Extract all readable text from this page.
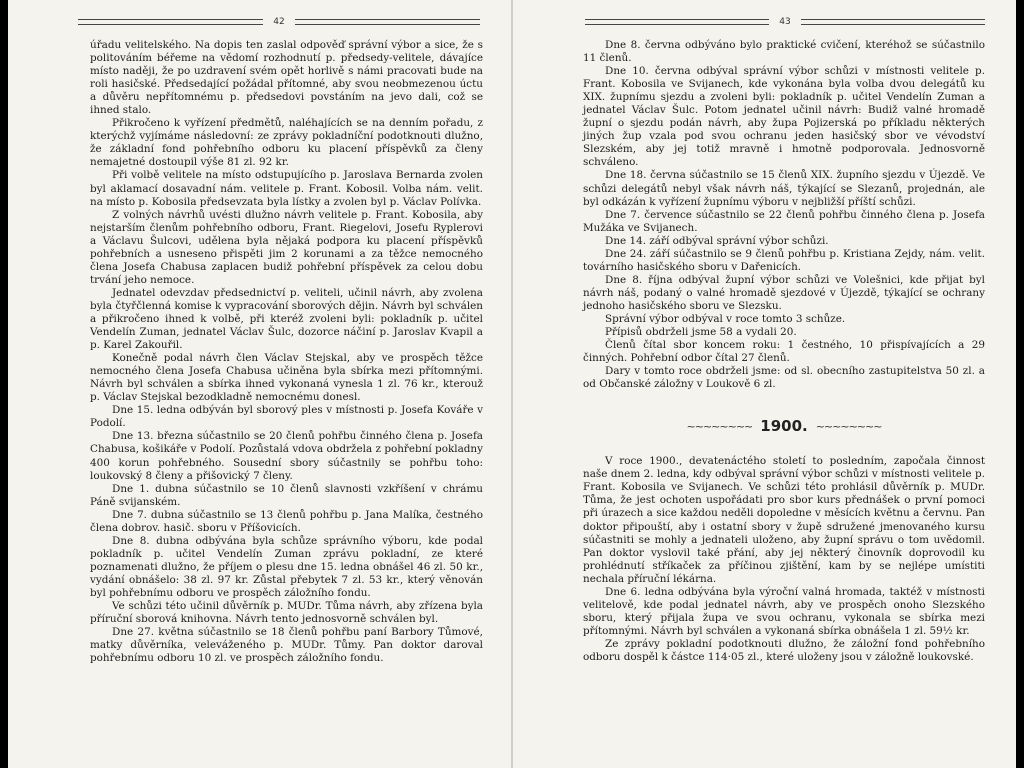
42

úřadu velitelského. Na dopis ten zaslal odpověď správní výbor a sice, že s politováním béřeme na vědomí rozhodnutí p. předsedy-velitele, dávajíce místo naději, že po uzdravení svém opět horlivě s námi pracovati bude na roli hasičské. Předsedající požádal přítomné, aby svou neobmezenou úctu a důvěru nepřítomnému p. předsedovi povstáním na jevo dali, což se ihned stalo.

Přikročeno k vyřízení předmětů, naléhajících se na denním pořadu, z kterýchž vyjímáme následovní: ze zprávy pokladníční podotknouti dlužno, že základní fond pohřebního odboru ku placení příspěvků za členy nemajetné dostoupil výše 81 zl. 92 kr.

Při volbě velitele na místo odstupujícího p. Jaroslava Bernarda zvolen byl aklamací dosavadní nám. velitele p. Frant. Kobosil. Volba nám. velit. na místo p. Kobosila předsevzata byla lístky a zvolen byl p. Václav Polívka.

Z volných návrhů uvésti dlužno návrh velitele p. Frant. Kobosila, aby nejstarším členům pohřebního odboru, Frant. Riegelovi, Josefu Ryplerovi a Václavu Šulcovi, udělena byla nějaká podpora ku placení příspěvků pohřebních a usneseno přispěti jim 2 korunami a za těžce nemocného člena Josefa Chabusa zaplacen budiž pohřební příspěvek za celou dobu trvání jeho nemoce.

Jednatel odevzdav předsednictví p. veliteli, učinil návrh, aby zvolena byla čtyřčlenná komise k vypracování sborových dějin. Návrh byl schválen a přikročeno ihned k volbě, při kteréž zvoleni byli: pokladník p. učitel Vendelín Zuman, jednatel Václav Šulc, dozorce náčiní p. Jaroslav Kvapil a p. Karel Zakouřil.

Konečně podal návrh člen Václav Stejskal, aby ve prospěch těžce nemocného člena Josefa Chabusa učiněna byla sbírka mezi přítomnými. Návrh byl schválen a sbírka ihned vykonaná vynesla 1 zl. 76 kr., kterouž p. Václav Stejskal bezodkladně nemocnému donesl.

Dne 15. ledna odbýván byl sborový ples v místnosti p. Josefa Kováře v Podolí.

Dne 13. března súčastnilo se 20 členů pohřbu činného člena p. Josefa Chabusa, košikáře v Podolí. Pozůstalá vdova obdržela z pohřební pokladny 400 korun pohřebného. Sousední sbory súčastnily se pohřbu toho: loukovský 8 členy a přišovický 7 členy.

Dne 1. dubna súčastnilo se 10 členů slavnosti vzkříšení v chrámu Páně svijanském.

Dne 7. dubna súčastnilo se 13 členů pohřbu p. Jana Malíka, čestného člena dobrov. hasič. sboru v Příšovicích.

Dne 8. dubna odbývána byla schůze správního výboru, kde podal pokladník p. učitel Vendelín Zuman zprávu pokladní, ze které poznamenati dlužno, že příjem o plesu dne 15. ledna obnášel 46 zl. 50 kr., vydání obnášelo: 38 zl. 97 kr. Zůstal přebytek 7 zl. 53 kr., který věnován byl pohřebnímu odboru ve prospěch záložního fondu.

Ve schůzi této učinil důvěrník p. MUDr. Tůma návrh, aby zřízena byla příruční sborová knihovna. Návrh tento jednosvorně schválen byl.

Dne 27. května súčastnilo se 18 členů pohřbu paní Barbory Tůmové, matky důvěrníka, veleváženého p. MUDr. Tůmy. Pan doktor daroval pohřebnímu odboru 10 zl. ve prospěch záložního fondu.

43

Dne 8. června odbýváno bylo praktické cvičení, kteréhož se súčastnilo 11 členů.

Dne 10. června odbýval správní výbor schůzi v místnosti velitele p. Frant. Kobosila ve Svijanech, kde vykonána byla volba dvou delegátů ku XIX. župnímu sjezdu a zvoleni byli: pokladník p. učitel Vendelín Zuman a jednatel Václav Šulc. Potom jednatel učinil návrh: Budiž valné hromadě župní o sjezdu podán návrh, aby župa Pojizerská po příkladu některých jiných žup vzala pod svou ochranu jeden hasičský sbor ve vévodství Slezském, aby jej totiž mravně i hmotně podporovala. Jednosvorně schváleno.

Dne 18. června súčastnilo se 15 členů XIX. župního sjezdu v Újezdě. Ve schůzi delegátů nebyl však návrh náš, týkající se Slezanů, projednán, ale byl odkázán k vyřízení župnímu výboru v nejbližší příští schůzi.

Dne 7. července súčastnilo se 22 členů pohřbu činného člena p. Josefa Mužáka ve Svijanech.

Dne 14. září odbýval správní výbor schůzi.

Dne 24. září súčastnilo se 9 členů pohřbu p. Kristiana Zejdy, nám. velit. továrního hasičského sboru v Dařenicích.

Dne 8. října odbýval župní výbor schůzi ve Volešnici, kde přijat byl návrh náš, podaný o valné hromadě sjezdové v Újezdě, týkající se ochrany jednoho hasičského sboru ve Slezsku.

Správní výbor odbýval v roce tomto 3 schůze.

Přípisů obdrželi jsme 58 a vydali 20.

Členů čítal sbor koncem roku: 1 čestného, 10 přispívajících a 29 činných. Pohřební odbor čítal 27 členů.

Dary v tomto roce obdrželi jsme: od sl. obecního zastupitelstva 50 zl. a od Občanské záložny v Loukově 6 zl.

~~~~~~~~ 1900. ~~~~~~~~

V roce 1900., devatenáctého století to posledním, započala činnost naše dnem 2. ledna, kdy odbýval správní výbor schůzi v místnosti velitele p. Frant. Kobosila ve Svijanech. Ve schůzi této prohlásil důvěrník p. MUDr. Tůma, že jest ochoten uspořádati pro sbor kurs přednášek o první pomoci při úrazech a sice každou neděli dopoledne v měsících květnu a červnu. Pan doktor připouští, aby i ostatní sbory v župě sdružené jmenovaného kursu súčastniti se mohly a jednateli uloženo, aby župní správu o tom uvědomil. Pan doktor vyslovil také přání, aby jej některý činovník doprovodil ku prohlédnutí stříkaček za příčinou zjištění, kam by se nejlépe umístiti nechala příruční lékárna.

Dne 6. ledna odbývána byla výroční valná hromada, taktéž v místnosti velitelově, kde podal jednatel návrh, aby ve prospěch onoho Slezského sboru, který přijala župa ve svou ochranu, vykonala se sbírka mezi přítomnými. Návrh byl schválen a vykonaná sbírka obnášela 1 zl. 59½ kr.

Ze zprávy pokladní podotknouti dlužno, že záložní fond pohřebního odboru dospěl k částce 114·05 zl., které uloženy jsou v záložně loukovské.
